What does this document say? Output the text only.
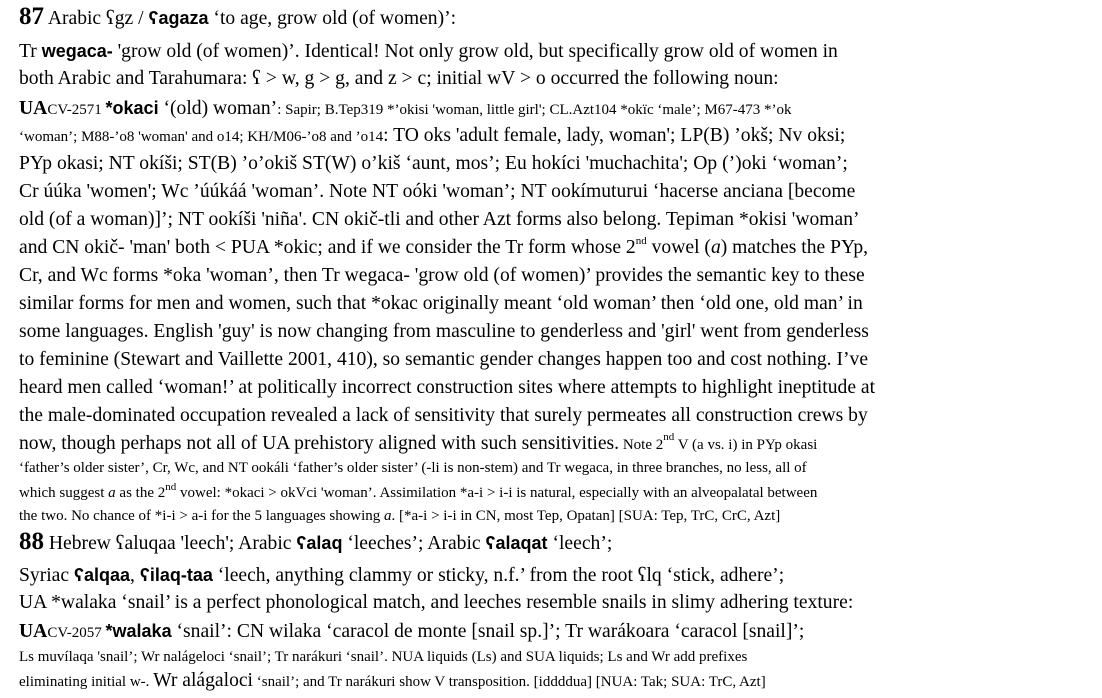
87 Arabic ʕgz / ʕagaza ‘to age, grow old (of women)’:
Tr wegaca- 'grow old (of women)’. Identical! Not only grow old, but specifically grow old of women in
both Arabic and Tarahumara: ʕ > w, g > g, and z > c; initial wV > o occurred the following noun:
UACV-2571 *okaci ‘(old) woman’: Sapir; B.Tep319 *’okisi 'woman, little girl'; CL.Azt104 *okïc ‘male’; M67-473 *’ok
‘woman’; M88-’o8 'woman' and o14; KH/M06-’o8 and ’o14: TO oks 'adult female, lady, woman'; LP(B) ’okš; Nv oksi;
PYp okasi; NT okíši; ST(B) ’o’okiš ST(W) o’kiš ‘aunt, mos’; Eu hokíci 'muchachita'; Op (’)oki ‘woman’;
Cr úúka 'women'; Wc ’úúkáá 'woman’. Note NT oóki 'woman’; NT ookímuturui ‘hacerse anciana [become
old (of a woman)]’; NT ookíši 'niña'. CN okič-tli and other Azt forms also belong. Tepiman *okisi 'woman’
and CN okič- 'man' both < PUA *okic; and if we consider the Tr form whose 2nd vowel (a) matches the PYp,
Cr, and Wc forms *oka 'woman’, then Tr wegaca- 'grow old (of women)’ provides the semantic key to these
similar forms for men and women, such that *okac originally meant ‘old woman’ then ‘old one, old man’ in
some languages. English 'guy' is now changing from masculine to genderless and 'girl' went from genderless
to feminine (Stewart and Vaillette 2001, 410), so semantic gender changes happen too and cost nothing. I’ve
heard men called ‘woman!’ at politically incorrect construction sites where attempts to highlight ineptitude at
the male-dominated occupation revealed a lack of sensitivity that surely permeates all construction crews by
now, though perhaps not all of UA prehistory aligned with such sensitivities. Note 2nd V (a vs. i) in PYp okasi
‘father’s older sister’, Cr, Wc, and NT ookáli ‘father’s older sister’ (-li is non-stem) and Tr wegaca, in three branches, no less, all of
which suggest a as the 2nd vowel: *okaci > okVci 'woman’. Assimilation *a-i > i-i is natural, especially with an alveopalatal between
the two. No chance of *i-i > a-i for the 5 languages showing a. [*a-i > i-i in CN, most Tep, Opatan] [SUA: Tep, TrC, CrC, Azt]
88 Hebrew ʕaluqaa 'leech'; Arabic ʕalaq ‘leeches’; Arabic ʕalaqat ‘leech’;
Syriac ʕalqaa, ʕilaq-taa ‘leech, anything clammy or sticky, n.f.’ from the root ʕlq ‘stick, adhere’;
UA *walaka ‘snail’ is a perfect phonological match, and leeches resemble snails in slimy adhering texture:
UACV-2057 *walaka ‘snail’: CN wilaka ‘caracol de monte [snail sp.]’; Tr warákoara ‘caracol [snail]’;
Ls muvílaqa 'snail’; Wr nalágeloci ‘snail’; Tr narákuri ‘snail’. NUA liquids (Ls) and SUA liquids; Ls and Wr add prefixes
eliminating initial w-. Wr alágaloci ‘snail’; and Tr narákuri show V transposition. [iddddua] [NUA: Tak; SUA: TrC, Azt]
